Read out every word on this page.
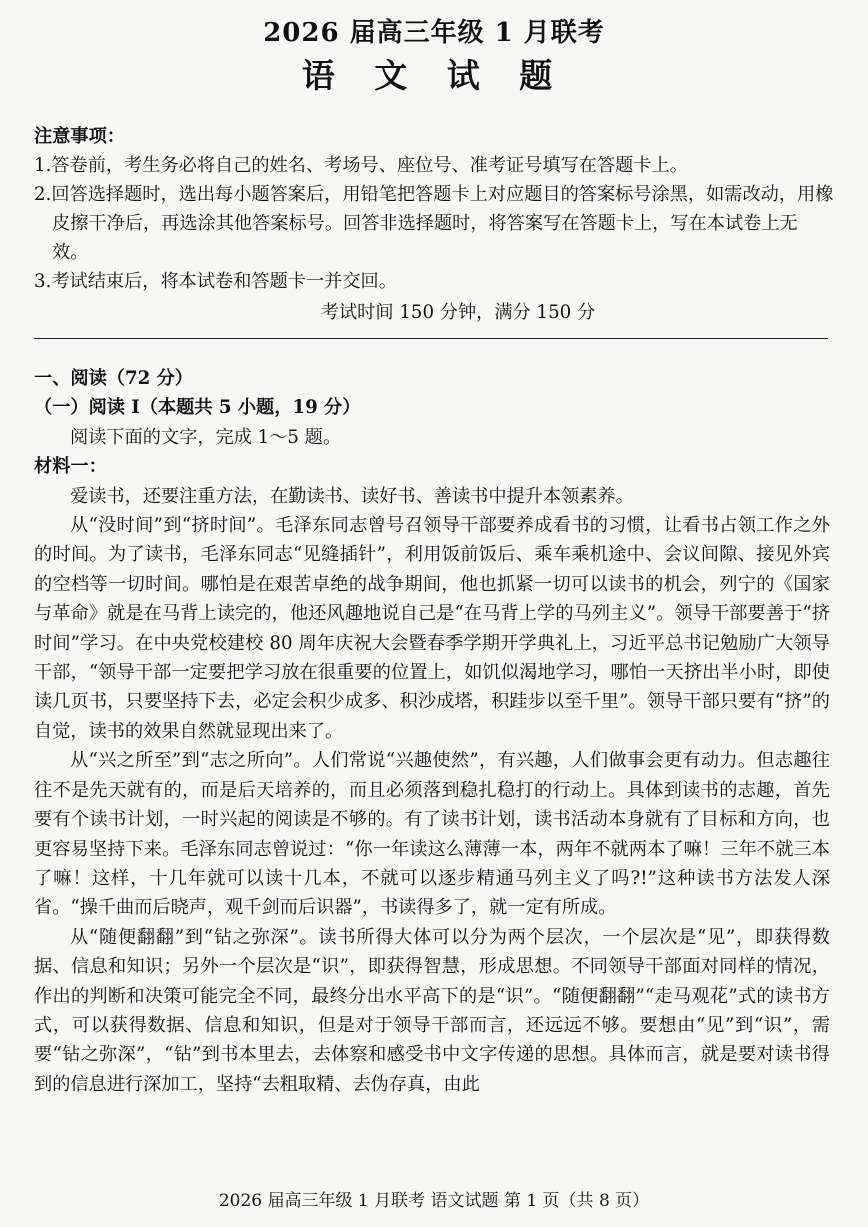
2026 届高三年级 1 月联考
语 文 试 题
注意事项：
1.答卷前，考生务必将自己的姓名、考场号、座位号、准考证号填写在答题卡上。
2.回答选择题时，选出每小题答案后，用铅笔把答题卡上对应题目的答案标号涂黑，如需改动，用橡皮擦干净后，再选涂其他答案标号。回答非选择题时，将答案写在答题卡上，写在本试卷上无效。
3.考试结束后，将本试卷和答题卡一并交回。
考试时间 150 分钟，满分 150 分
一、阅读（72 分）
（一）阅读 I（本题共 5 小题，19 分）
阅读下面的文字，完成 1～5 题。
材料一：
爱读书，还要注重方法，在勤读书、读好书、善读书中提升本领素养。
从“没时间”到“挤时间”。毛泽东同志曾号召领导干部要养成看书的习惯，让看书占领工作之外的时间。为了读书，毛泽东同志“见缝插针”，利用饭前饭后、乘车乘机途中、会议间隙、接见外宾的空档等一切时间。哪怕是在艰苦卓绝的战争期间，他也抓紧一切可以读书的机会，列宁的《国家与革命》就是在马背上读完的，他还风趣地说自己是“在马背上学的马列主义”。领导干部要善于“挤时间”学习。在中央党校建校 80 周年庆祝大会暨春季学期开学典礼上，习近平总书记勉励广大领导干部，“领导干部一定要把学习放在很重要的位置上，如饥似渴地学习，哪怕一天挤出半小时，即使读几页书，只要坚持下去，必定会积少成多、积沙成塔，积跬步以至千里”。领导干部只要有“挤”的自觉，读书的效果自然就显现出来了。
从“兴之所至”到“志之所向”。人们常说“兴趣使然”，有兴趣，人们做事会更有动力。但志趣往往不是先天就有的，而是后天培养的，而且必须落到稳扎稳打的行动上。具体到读书的志趣，首先要有个读书计划，一时兴起的阅读是不够的。有了读书计划，读书活动本身就有了目标和方向，也更容易坚持下来。毛泽东同志曾说过：“你一年读这么薄薄一本，两年不就两本了嘛！三年不就三本了嘛！这样，十几年就可以读十几本，不就可以逐步精通马列主义了吗?!”这种读书方法发人深省。“操千曲而后晓声，观千剑而后识器”，书读得多了，就一定有所成。
从“随便翻翻”到“钻之弥深”。读书所得大体可以分为两个层次，一个层次是“见”，即获得数据、信息和知识；另外一个层次是“识”，即获得智慧，形成思想。不同领导干部面对同样的情况，作出的判断和决策可能完全不同，最终分出水平高下的是“识”。“随便翻翻”“走马观花”式的读书方式，可以获得数据、信息和知识，但是对于领导干部而言，还远远不够。要想由“见”到“识”，需要“钻之弥深”，“钻”到书本里去，去体察和感受书中文字传递的思想。具体而言，就是要对读书得到的信息进行深加工，坚持“去粗取精、去伪存真，由此
2026 届高三年级 1 月联考 语文试题 第 1 页（共 8 页）
